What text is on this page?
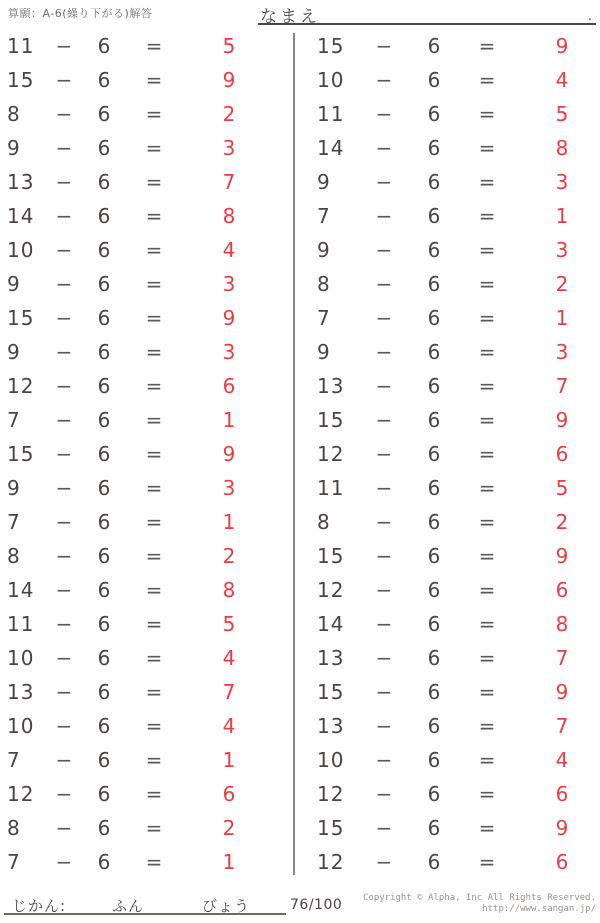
算願：A-6(繰り下がる)解答	なまえ	.
11	− 6	=	5
15	− 6	=	9
8	− 6	=	2
9	− 6	=	3
13	− 6	=	7
14	− 6	=	8
10	− 6	=	4
9	− 6	=	3
15	− 6	=	9
9	− 6	=	3
12	− 6	=	6
7	− 6	=	1
15	− 6	=	9
9	− 6	=	3
7	− 6	=	1
8	− 6	=	2
14	− 6	=	8
11	− 6	=	5
10	− 6	=	4
13	− 6	=	7
10	− 6	=	4
7	− 6	=	1
12	− 6	=	6
8	− 6	=	2
7	− 6	=	1
15	− 6	=	9
10	− 6	=	4
11	− 6	=	5
14	− 6	=	8
9	− 6	=	3
7	− 6	=	1
9	− 6	=	3
8	− 6	=	2
7	− 6	=	1
9	− 6	=	3
13	− 6	=	7
15	− 6	=	9
12	− 6	=	6
11	− 6	=	5
8	− 6	=	2
15	− 6	=	9
12	− 6	=	6
14	− 6	=	8
13	− 6	=	7
15	− 6	=	9
13	− 6	=	7
10	− 6	=	4
12	− 6	=	6
15	− 6	=	9
12	− 6	=	6
じかん:	ふん	びょう	76/100 Copyright © Alpha, Inc All Rights Reserved.
http://www.sangan.jp/
